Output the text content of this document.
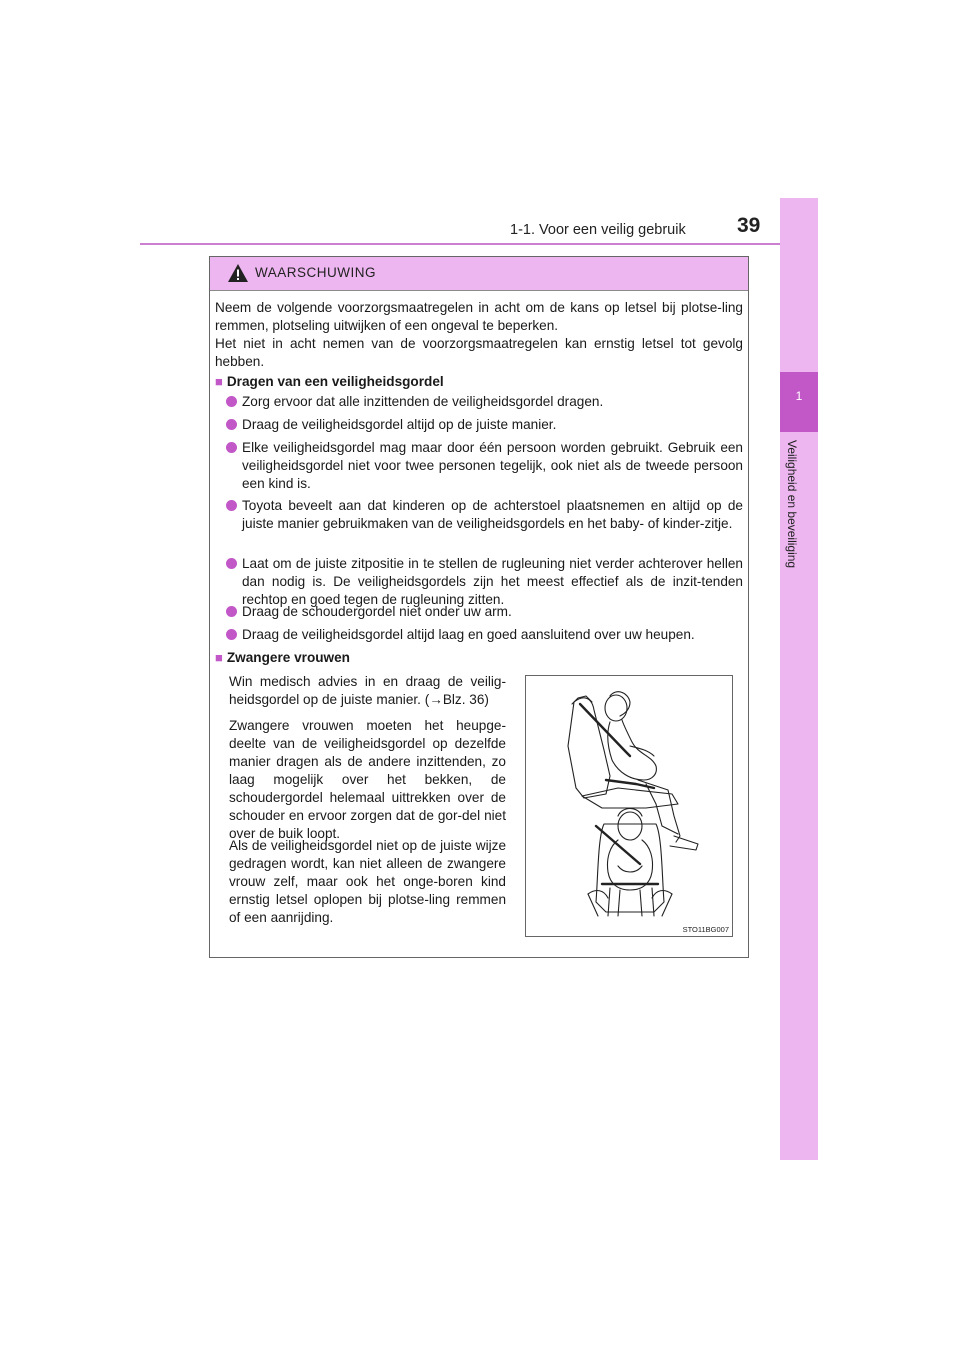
1-1. Voor een veilig gebruik 39
1
Veiligheid en beveiliging
WAARSCHUWING

Neem de volgende voorzorgsmaatregelen in acht om de kans op letsel bij plotse-ling remmen, plotseling uitwijken of een ongeval te beperken.
Het niet in acht nemen van de voorzorgsmaatregelen kan ernstig letsel tot gevolg hebben.

■ Dragen van een veiligheidsgordel

Zorg ervoor dat alle inzittenden de veiligheidsgordel dragen.

Draag de veiligheidsgordel altijd op de juiste manier.

Elke veiligheidsgordel mag maar door één persoon worden gebruikt. Gebruik een veiligheidsgordel niet voor twee personen tegelijk, ook niet als de tweede persoon een kind is.

Toyota beveelt aan dat kinderen op de achterstoel plaatsnemen en altijd op de juiste manier gebruikmaken van de veiligheidsgordels en het baby- of kinder-zitje.

Laat om de juiste zitpositie in te stellen de rugleuning niet verder achterover hellen dan nodig is. De veiligheidsgordels zijn het meest effectief als de inzit-tenden rechtop en goed tegen de rugleuning zitten.

Draag de schoudergordel niet onder uw arm.

Draag de veiligheidsgordel altijd laag en goed aansluitend over uw heupen.

■ Zwangere vrouwen

Win medisch advies in en draag de veilig-heidsgordel op de juiste manier. (→Blz. 36)

Zwangere vrouwen moeten het heupge-deelte van de veiligheidsgordel op dezelfde manier dragen als de andere inzittenden, zo laag mogelijk over het bekken, de schoudergordel helemaal uittrekken over de schouder en ervoor zorgen dat de gor-del niet over de buik loopt.

Als de veiligheidsgordel niet op de juiste wijze gedragen wordt, kan niet alleen de zwangere vrouw zelf, maar ook het onge-boren kind ernstig letsel oplopen bij plotse-ling remmen of een aanrijding.

STO11BG007
